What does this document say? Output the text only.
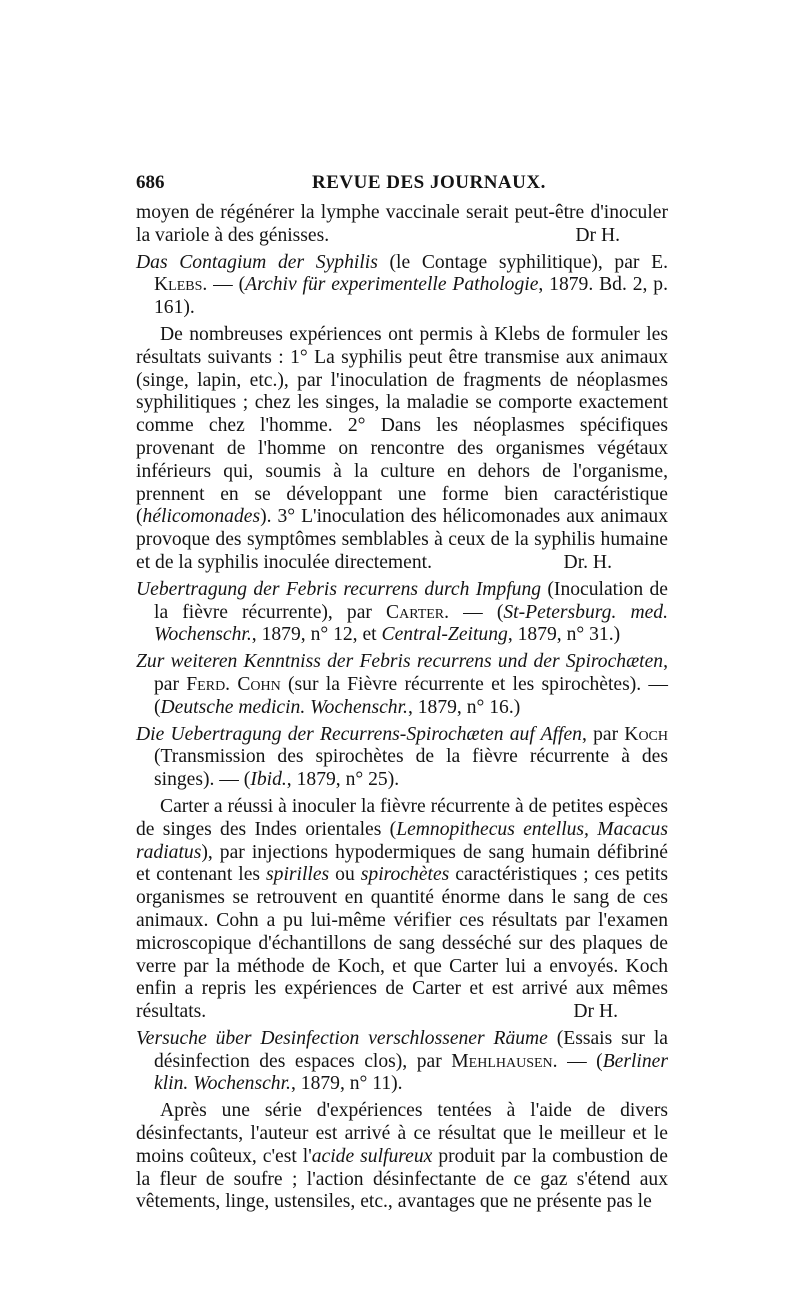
686	REVUE DES JOURNAUX.

moyen de régénérer la lymphe vaccinale serait peut-être d'inoculer la variole à des génisses.	Dr H.

Das Contagium der Syphilis (le Contage syphilitique), par E. Klebs. — (Archiv für experimentelle Pathologie, 1879. Bd. 2, p. 161).

De nombreuses expériences ont permis à Klebs de formuler les résultats suivants : 1° La syphilis peut être transmise aux animaux (singe, lapin, etc.), par l'inoculation de fragments de néoplasmes syphilitiques ; chez les singes, la maladie se comporte exactement comme chez l'homme. 2° Dans les néoplasmes spécifiques provenant de l'homme on rencontre des organismes végétaux inférieurs qui, soumis à la culture en dehors de l'organisme, prennent en se développant une forme bien caractéristique (hélicomonades). 3° L'inoculation des hélicomonades aux animaux provoque des symptômes semblables à ceux de la syphilis humaine et de la syphilis inoculée directement.	Dr. H.

Uebertragung der Febris recurrens durch Impfung (Inoculation de la fièvre récurrente), par Carter. — (St-Petersburg. med. Wochenschr., 1879, n° 12, et Central-Zeitung, 1879, n° 31.)

Zur weiteren Kenntniss der Febris recurrens und der Spirochæten, par Ferd. Cohn (sur la Fièvre récurrente et les spirochètes). — (Deutsche medicin. Wochenschr., 1879, n° 16.)

Die Uebertragung der Recurrens-Spirochæten auf Affen, par Koch (Transmission des spirochètes de la fièvre récurrente à des singes). — (Ibid., 1879, n° 25).

Carter a réussi à inoculer la fièvre récurrente à de petites espèces de singes des Indes orientales (Lemnopithecus entellus, Macacus radiatus), par injections hypodermiques de sang humain défibriné et contenant les spirilles ou spirochètes caractéristiques ; ces petits organismes se retrouvent en quantité énorme dans le sang de ces animaux. Cohn a pu lui-même vérifier ces résultats par l'examen microscopique d'échantillons de sang desséché sur des plaques de verre par la méthode de Koch, et que Carter lui a envoyés. Koch enfin a repris les expériences de Carter et est arrivé aux mêmes résultats.	Dr H.

Versuche über Desinfection verschlossener Räume (Essais sur la désinfection des espaces clos), par Mehlhausen. — (Berliner klin. Wochenschr., 1879, n° 11).

Après une série d'expériences tentées à l'aide de divers désinfectants, l'auteur est arrivé à ce résultat que le meilleur et le moins coûteux, c'est l'acide sulfureux produit par la combustion de la fleur de soufre ; l'action désinfectante de ce gaz s'étend aux vêtements, linge, ustensiles, etc., avantages que ne présente pas le
